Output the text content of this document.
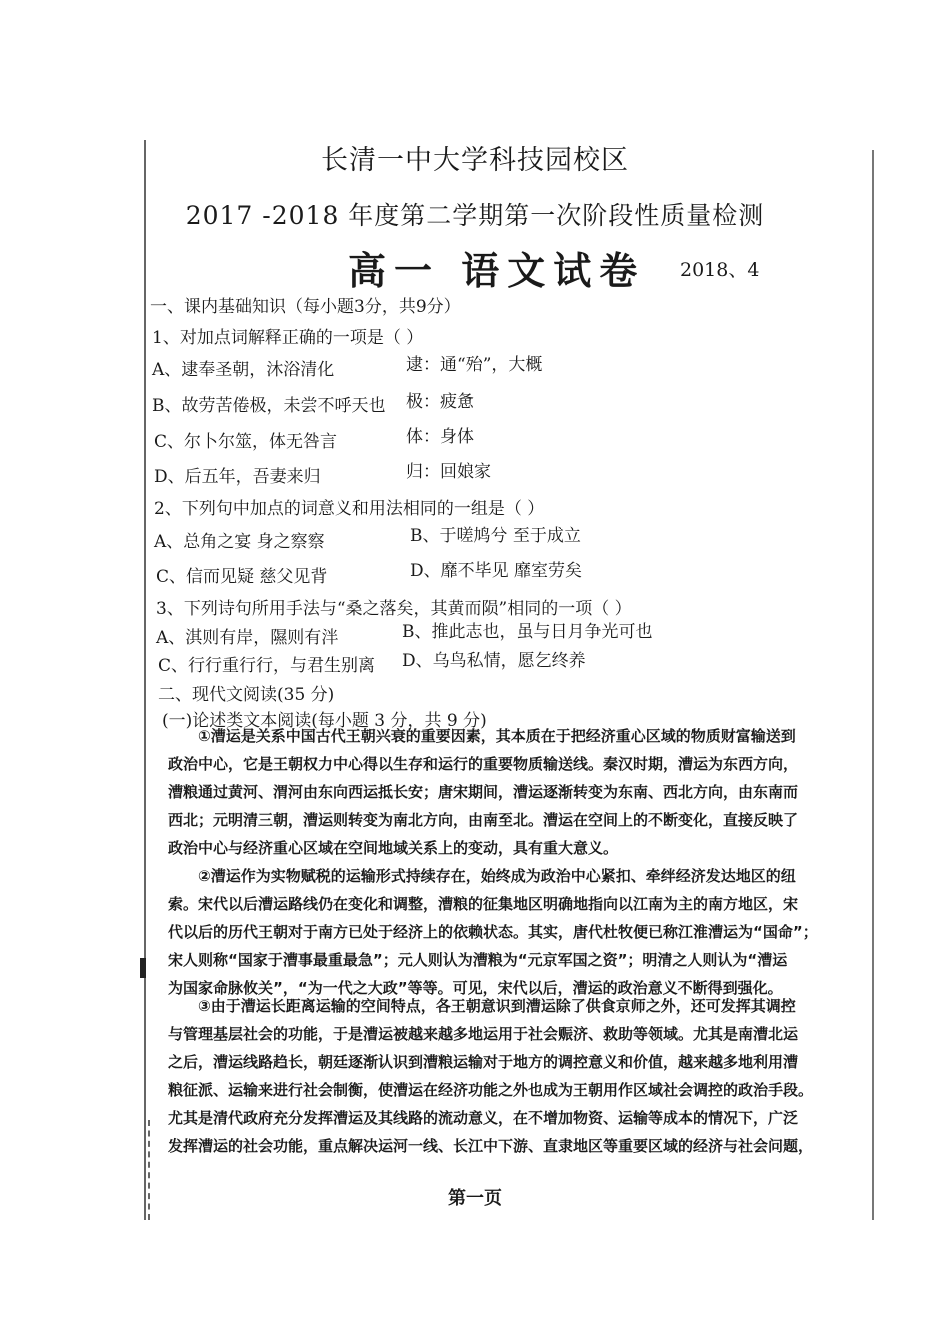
长清一中大学科技园校区
2017 -2018 年度第二学期第一次阶段性质量检测
高一 语文试卷 2018、4
一、课内基础知识（每小题3分，共9分）
1、对加点词解释正确的一项是（ ）
A、逮奉圣朝，沐浴清化	逮：通“殆”，大概
B、故劳苦倦极，未尝不呼天也 极：疲惫
C、尔卜尔筮，体无咎言	体：身体
D、后五年，吾妻来归	归：回娘家
2、下列句中加点的词意义和用法相同的一组是（ ）
A、总角之宴 身之察察	B、于嗟鸠兮 至于成立
C、信而见疑 慈父见背	D、靡不毕见 靡室劳矣
3、下列诗句所用手法与“桑之落矣，其黄而陨”相同的一项（ ）
A、淇则有岸，隰则有泮	B、推此志也，虽与日月争光可也
C、行行重行行，与君生别离 D、乌鸟私情，愿乞终养
二、现代文阅读(35 分)
(一)论述类文本阅读(每小题 3 分，共 9 分)
①漕运是关系中国古代王朝兴衰的重要因素，其本质在于把经济重心区域的物质财富输送到
政治中心，它是王朝权力中心得以生存和运行的重要物质输送线。秦汉时期，漕运为东西方向，
漕粮通过黄河、渭河由东向西运抵长安；唐宋期间，漕运逐渐转变为东南、西北方向，由东南而
西北；元明清三朝，漕运则转变为南北方向，由南至北。漕运在空间上的不断变化，直接反映了
政治中心与经济重心区域在空间地域关系上的变动，具有重大意义。
②漕运作为实物赋税的运输形式持续存在，始终成为政治中心紧扣、牵绊经济发达地区的纽
索。宋代以后漕运路线仍在变化和调整，漕粮的征集地区明确地指向以江南为主的南方地区，宋
代以后的历代王朝对于南方已处于经济上的依赖状态。其实，唐代杜牧便已称江淮漕运为“国命”；
宋人则称“国家于漕事最重最急”；元人则认为漕粮为“元京军国之资”；明清之人则认为“漕运
为国家命脉攸关”，“为一代之大政”等等。可见，宋代以后，漕运的政治意义不断得到强化。
③由于漕运长距离运输的空间特点，各王朝意识到漕运除了供食京师之外，还可发挥其调控
与管理基层社会的功能，于是漕运被越来越多地运用于社会赈济、救助等领域。尤其是南漕北运
之后，漕运线路趋长，朝廷逐渐认识到漕粮运输对于地方的调控意义和价值，越来越多地利用漕
粮征派、运输来进行社会制衡，使漕运在经济功能之外也成为王朝用作区域社会调控的政治手段。
尤其是清代政府充分发挥漕运及其线路的流动意义，在不增加物资、运输等成本的情况下，广泛
发挥漕运的社会功能，重点解决运河一线、长江中下游、直隶地区等重要区域的经济与社会问题，
第一页
